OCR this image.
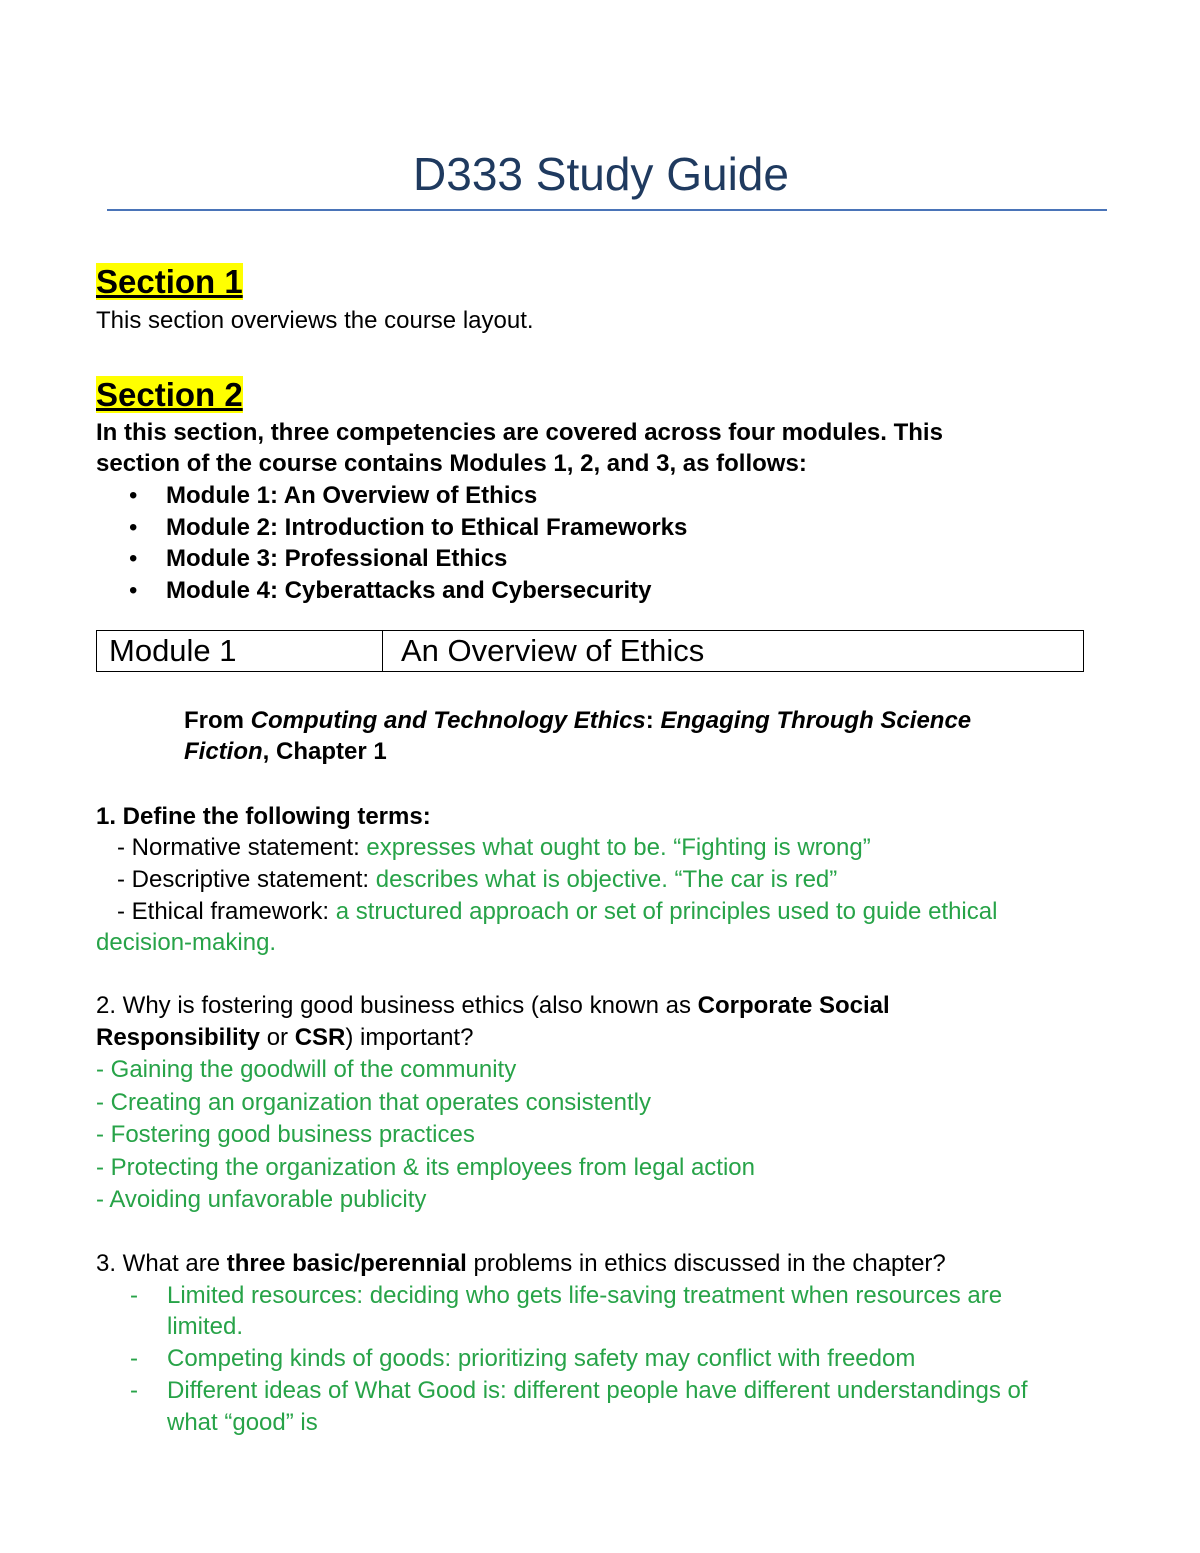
D333 Study Guide
Section 1
This section overviews the course layout.
Section 2
In this section, three competencies are covered across four modules. This
section of the course contains Modules 1, 2, and 3, as follows:
• Module 1: An Overview of Ethics
• Module 2: Introduction to Ethical Frameworks
• Module 3: Professional Ethics
• Module 4: Cyberattacks and Cybersecurity
Module 1	An Overview of Ethics
From Computing and Technology Ethics: Engaging Through Science
Fiction, Chapter 1
1. Define the following terms:
- Normative statement: expresses what ought to be. “Fighting is wrong”
- Descriptive statement: describes what is objective. “The car is red”
- Ethical framework: a structured approach or set of principles used to guide ethical
decision-making.
2. Why is fostering good business ethics (also known as Corporate Social
Responsibility or CSR) important?
- Gaining the goodwill of the community
- Creating an organization that operates consistently
- Fostering good business practices
- Protecting the organization & its employees from legal action
- Avoiding unfavorable publicity
3. What are three basic/perennial problems in ethics discussed in the chapter?
- Limited resources: deciding who gets life-saving treatment when resources are
limited.
- Competing kinds of goods: prioritizing safety may conflict with freedom
- Different ideas of What Good is: different people have different understandings of
what “good” is
